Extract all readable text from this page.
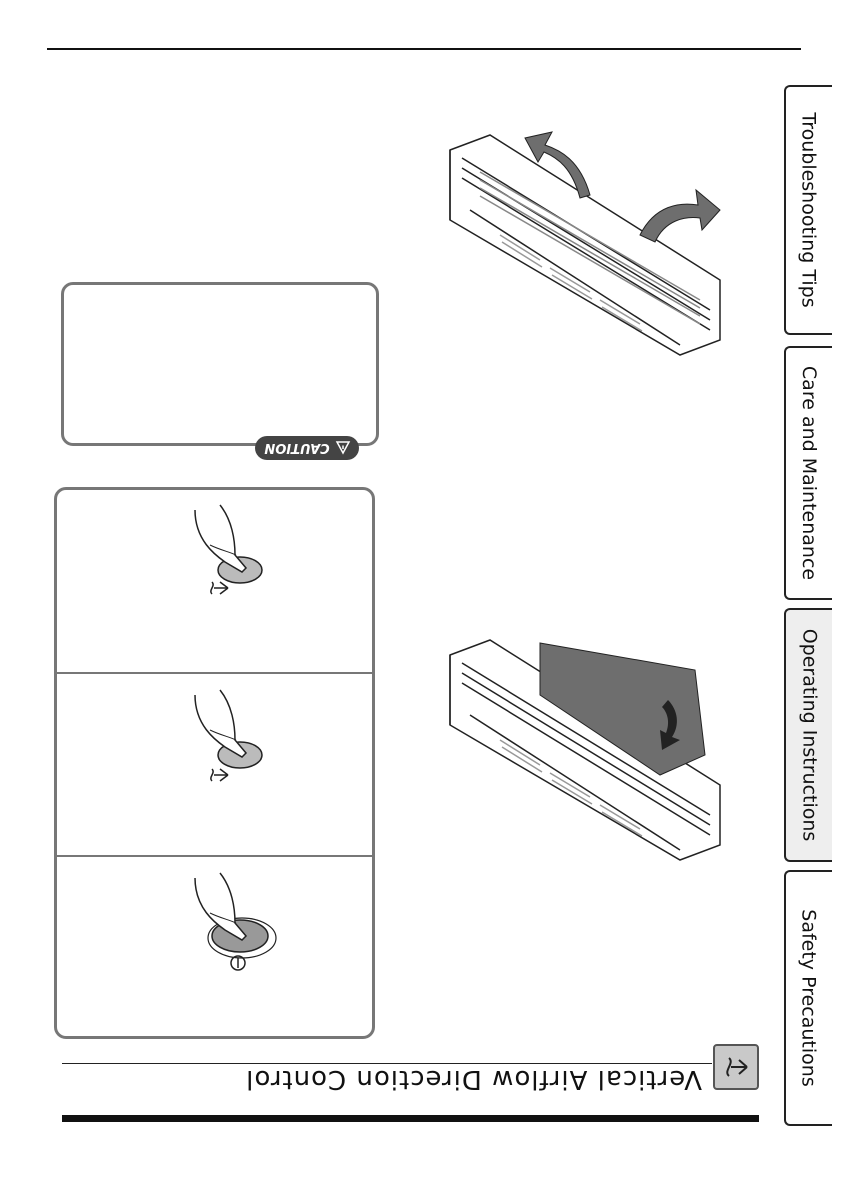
Troubleshooting Tips
Care and Maintenance
Operating Instructions
Safety Precautions
CAUTION
Vertical Airflow Direction Control
